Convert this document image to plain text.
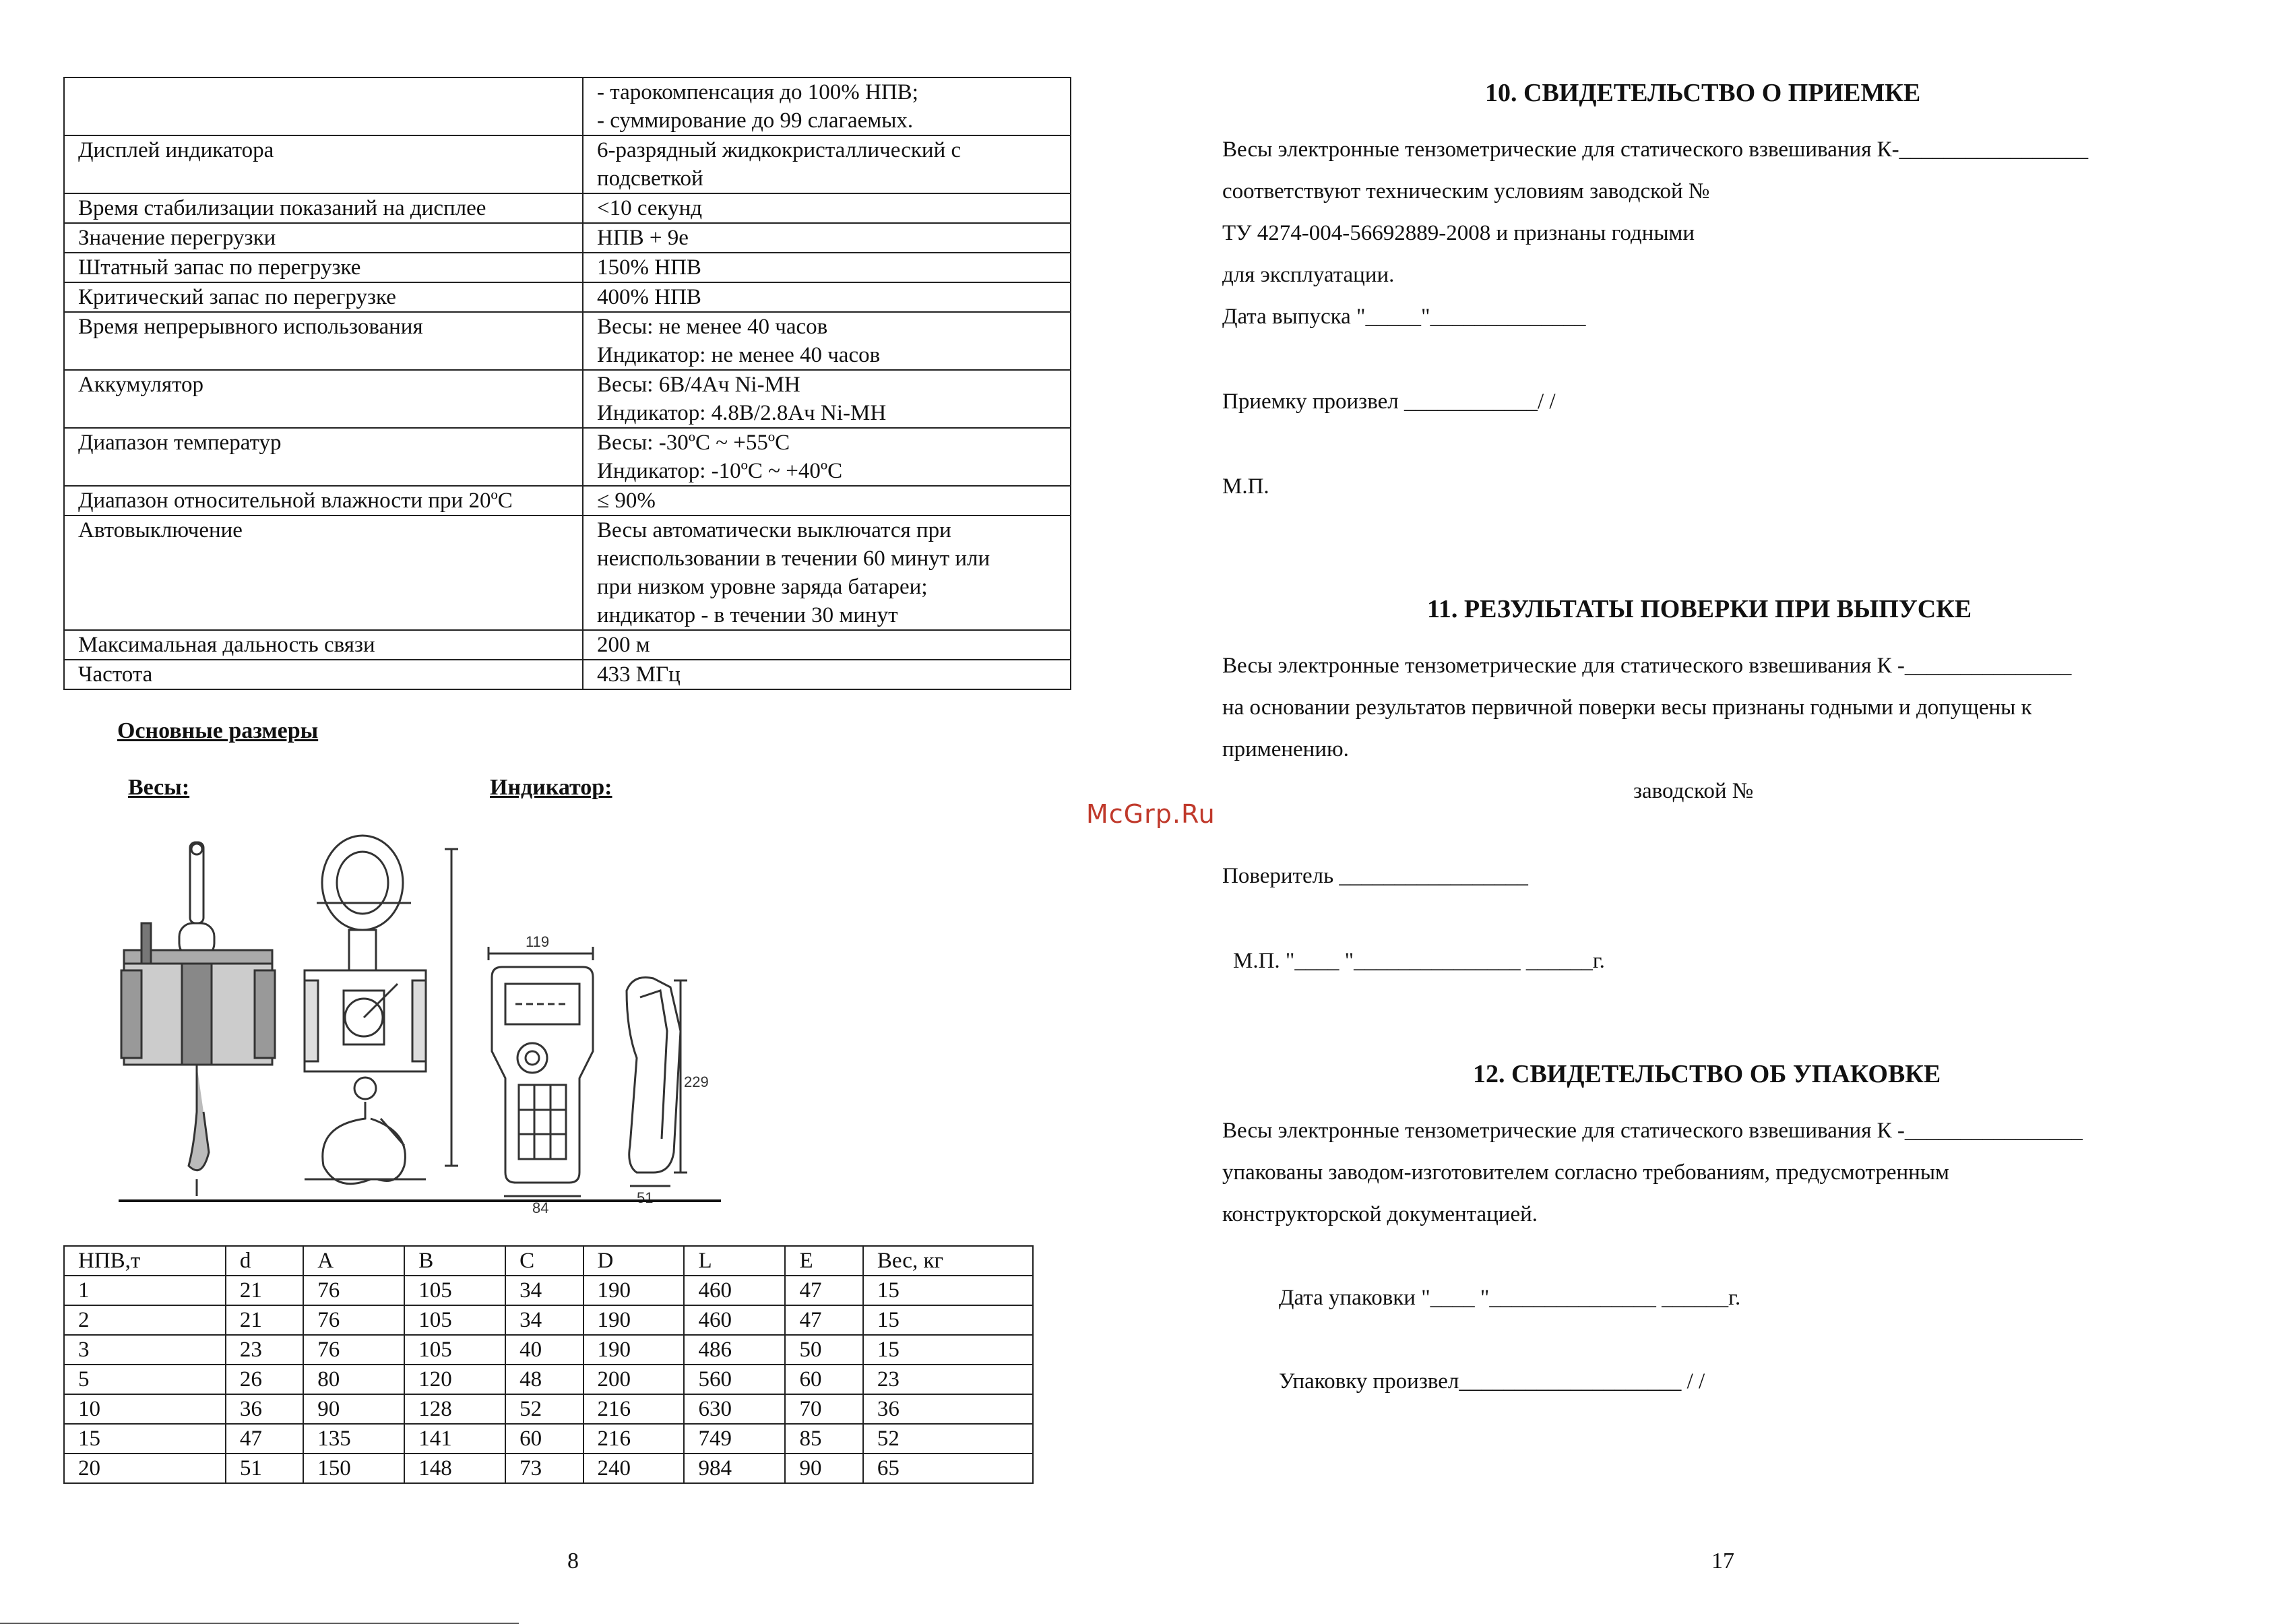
	- тарокомпенсация до 100% НПВ;
- суммирование до 99 слагаемых.

Дисплей индикатора	6-разрядный жидкокристаллический с
подсветкой

Время стабилизации показаний на дисплее	<10 секунд

Значение перегрузки	НПВ + 9е

Штатный запас по перегрузке	150% НПВ

Критический запас по перегрузке	400% НПВ

Время непрерывного использования	Весы: не менее 40 часов
Индикатор: не менее 40 часов

Аккумулятор	Весы: 6В/4Ач Ni-MH
Индикатор: 4.8В/2.8Ач Ni-MH

Диапазон температур	Весы: -30ºC ~ +55ºC
Индикатор: -10ºC ~ +40ºC

Диапазон относительной влажности при 20ºC	≤ 90%

Автовыключение	Весы автоматически выключатся при
неиспользовании в течении 60 минут или
при низком уровне заряда батареи;
индикатор - в течении 30 минут

Максимальная дальность связи	200 м

Частота	433 МГц
Основные размеры
Весы:	Индикатор:
119
84
229
51
НПВ,т	d	A	B	C	D	L	E	Вес, кг
1	21	76	105	34	190	460	47	15
2	21	76	105	34	190	460	47	15
3	23	76	105	40	190	486	50	15
5	26	80	120	48	200	560	60	23
10	36	90	128	52	216	630	70	36
15	47	135	141	60	216	749	85	52
20	51	150	148	73	240	984	90	65
8
10. СВИДЕТЕЛЬСТВО О ПРИЕМКЕ
Весы электронные тензометрические для статического взвешивания К-_________________
соответствуют техническим условиям заводской №
ТУ 4274-004-56692889-2008 и признаны годными
для эксплуатации.
Дата выпуска "_____"______________
Приемку произвел ____________/ /
М.П.
11. РЕЗУЛЬТАТЫ ПОВЕРКИ ПРИ ВЫПУСКЕ
Весы электронные тензометрические для статического взвешивания К -_______________
на основании результатов первичной поверки весы признаны годными и допущены к
применению.
заводской №
Поверитель _________________
М.П. "____ "_______________ ______г.
12. СВИДЕТЕЛЬСТВО ОБ УПАКОВКЕ
Весы электронные тензометрические для статического взвешивания К -________________
упакованы заводом-изготовителем согласно требованиям, предусмотренным
конструкторской документацией.
Дата упаковки "____ "_______________ ______г.
Упаковку произвел____________________ / /
17
McGrp.Ru
